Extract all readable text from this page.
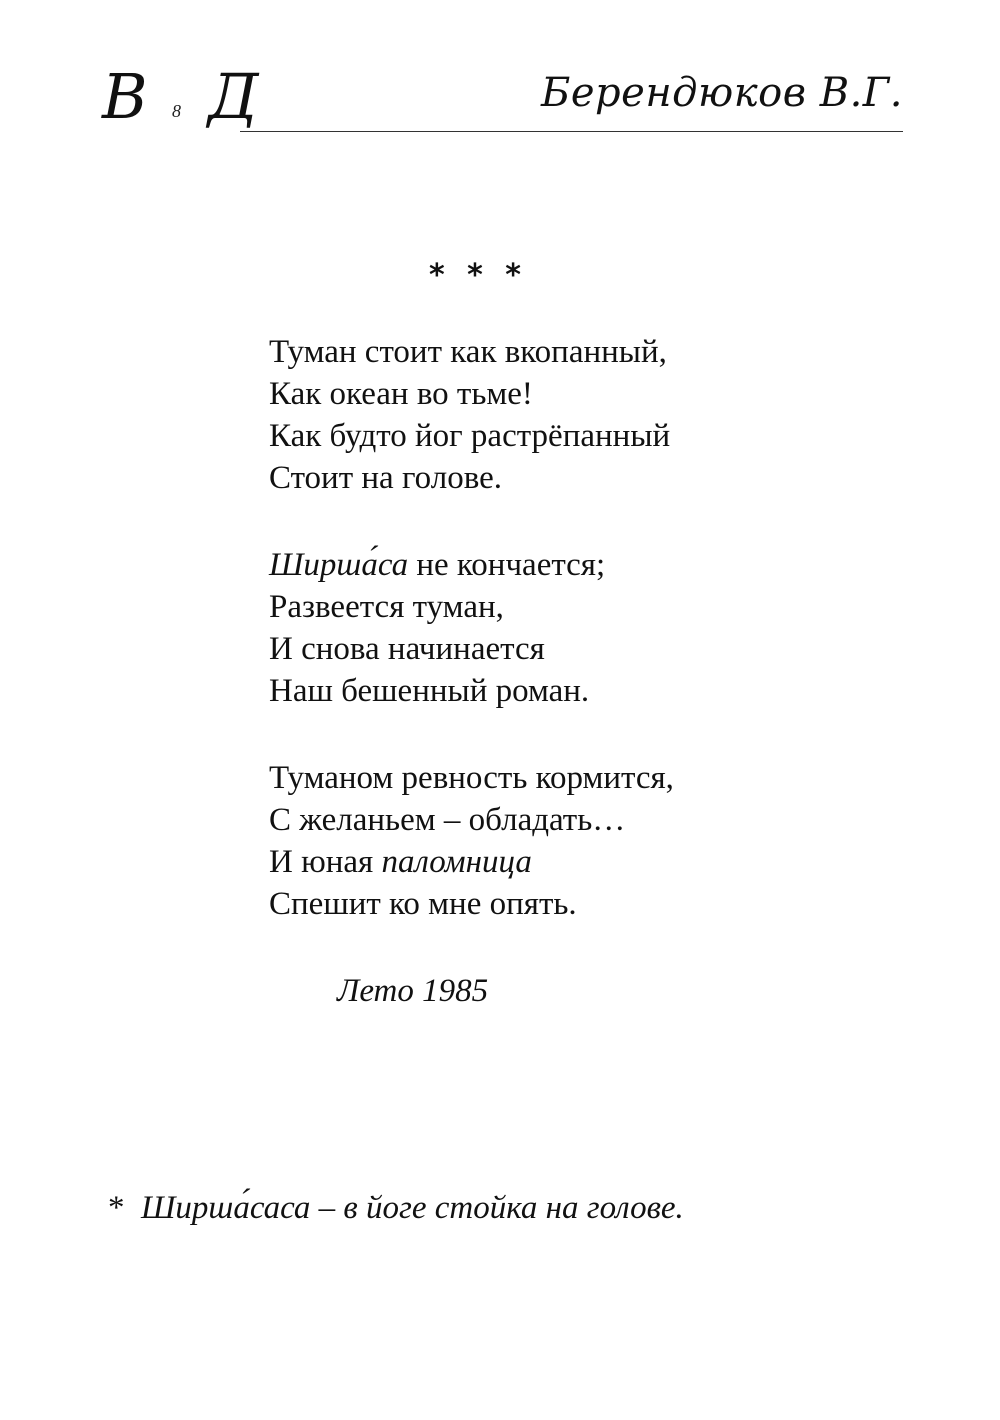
В 8 Д	Берендюков В.Г.
* * *
Туман стоит как вкопанный,
Как океан во тьме!
Как будто йог растрёпанный
Стоит на голове.
Ширша́са не кончается;
Развеется туман,
И снова начинается
Наш бешенный роман.
Туманом ревность кормится,
С желаньем – обладать…
И юная паломница
Спешит ко мне опять.
Лето 1985
* Ширша́саса – в йоге стойка на голове.
